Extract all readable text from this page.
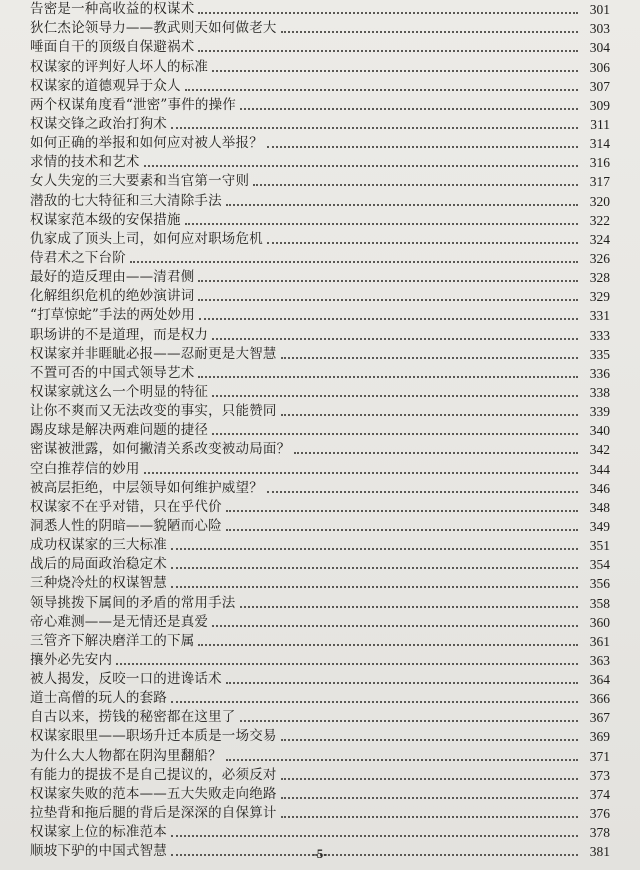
告密是一种高收益的权谋术	301
狄仁杰论领导力——教武则天如何做老大	303
唾面自干的顶级自保避祸术	304
权谋家的评判好人坏人的标准	306
权谋家的道德观异于众人	307
两个权谋角度看“泄密”事件的操作	309
权谋交锋之政治打狗术	311
如何正确的举报和如何应对被人举报？	314
求情的技术和艺术	316
女人失宠的三大要素和当官第一守则	317
潜敌的七大特征和三大清除手法	320
权谋家范本级的安保措施	322
仇家成了顶头上司，如何应对职场危机	324
侍君术之下台阶	326
最好的造反理由——清君侧	328
化解组织危机的绝妙演讲词	329
“打草惊蛇”手法的两处妙用	331
职场讲的不是道理，而是权力	333
权谋家并非睚眦必报——忍耐更是大智慧	335
不置可否的中国式领导艺术	336
权谋家就这么一个明显的特征	338
让你不爽而又无法改变的事实，只能赞同	339
踢皮球是解决两难问题的捷径	340
密谋被泄露，如何撇清关系改变被动局面？	342
空白推荐信的妙用	344
被高层拒绝，中层领导如何维护威望？	346
权谋家不在乎对错，只在乎代价	348
洞悉人性的阴暗——貌陋而心险	349
成功权谋家的三大标准	351
战后的局面政治稳定术	354
三种烧冷灶的权谋智慧	356
领导挑拨下属间的矛盾的常用手法	358
帝心难测——是无情还是真爱	360
三管齐下解决磨洋工的下属	361
攘外必先安内	363
被人揭发，反咬一口的进谗话术	364
道士高僧的玩人的套路	366
自古以来，捞钱的秘密都在这里了	367
权谋家眼里——职场升迁本质是一场交易	369
为什么大人物都在阴沟里翻船？	371
有能力的提拔不是自己提议的，必须反对	373
权谋家失败的范本——五大失败走向绝路	374
拉垫背和拖后腿的背后是深深的自保算计	376
权谋家上位的标准范本	378
顺坡下驴的中国式智慧	381
-5-
